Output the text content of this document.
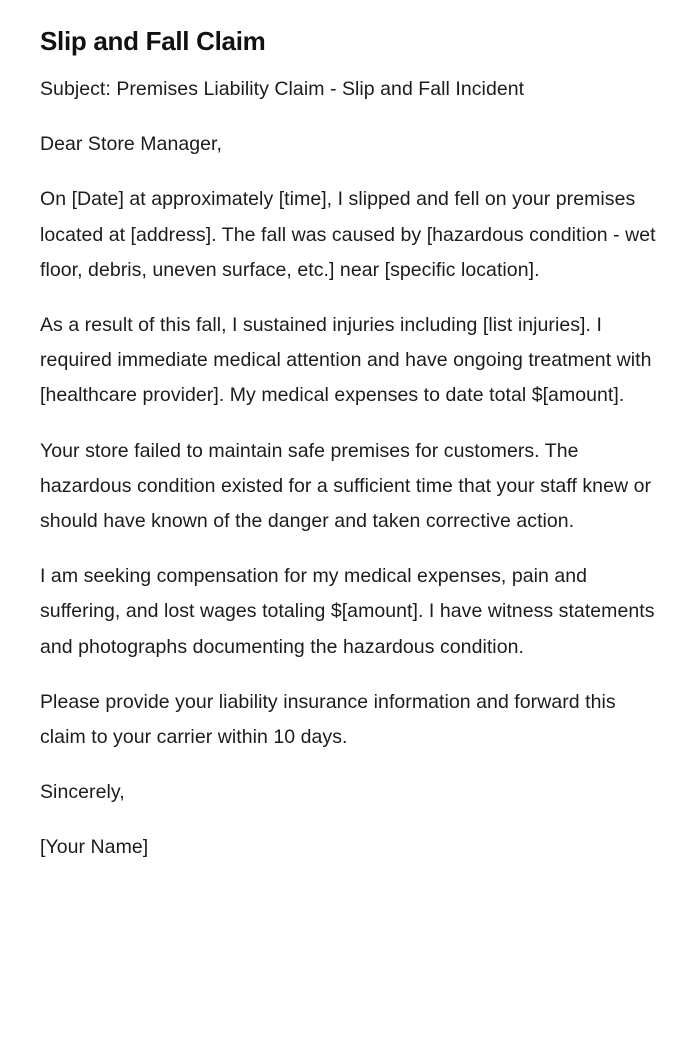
Slip and Fall Claim

Subject: Premises Liability Claim - Slip and Fall Incident

Dear Store Manager,

On [Date] at approximately [time], I slipped and fell on your premises located at [address]. The fall was caused by [hazardous condition - wet floor, debris, uneven surface, etc.] near [specific location].

As a result of this fall, I sustained injuries including [list injuries]. I required immediate medical attention and have ongoing treatment with [healthcare provider]. My medical expenses to date total $[amount].

Your store failed to maintain safe premises for customers. The hazardous condition existed for a sufficient time that your staff knew or should have known of the danger and taken corrective action.

I am seeking compensation for my medical expenses, pain and suffering, and lost wages totaling $[amount]. I have witness statements and photographs documenting the hazardous condition.

Please provide your liability insurance information and forward this claim to your carrier within 10 days.

Sincerely,

[Your Name]
